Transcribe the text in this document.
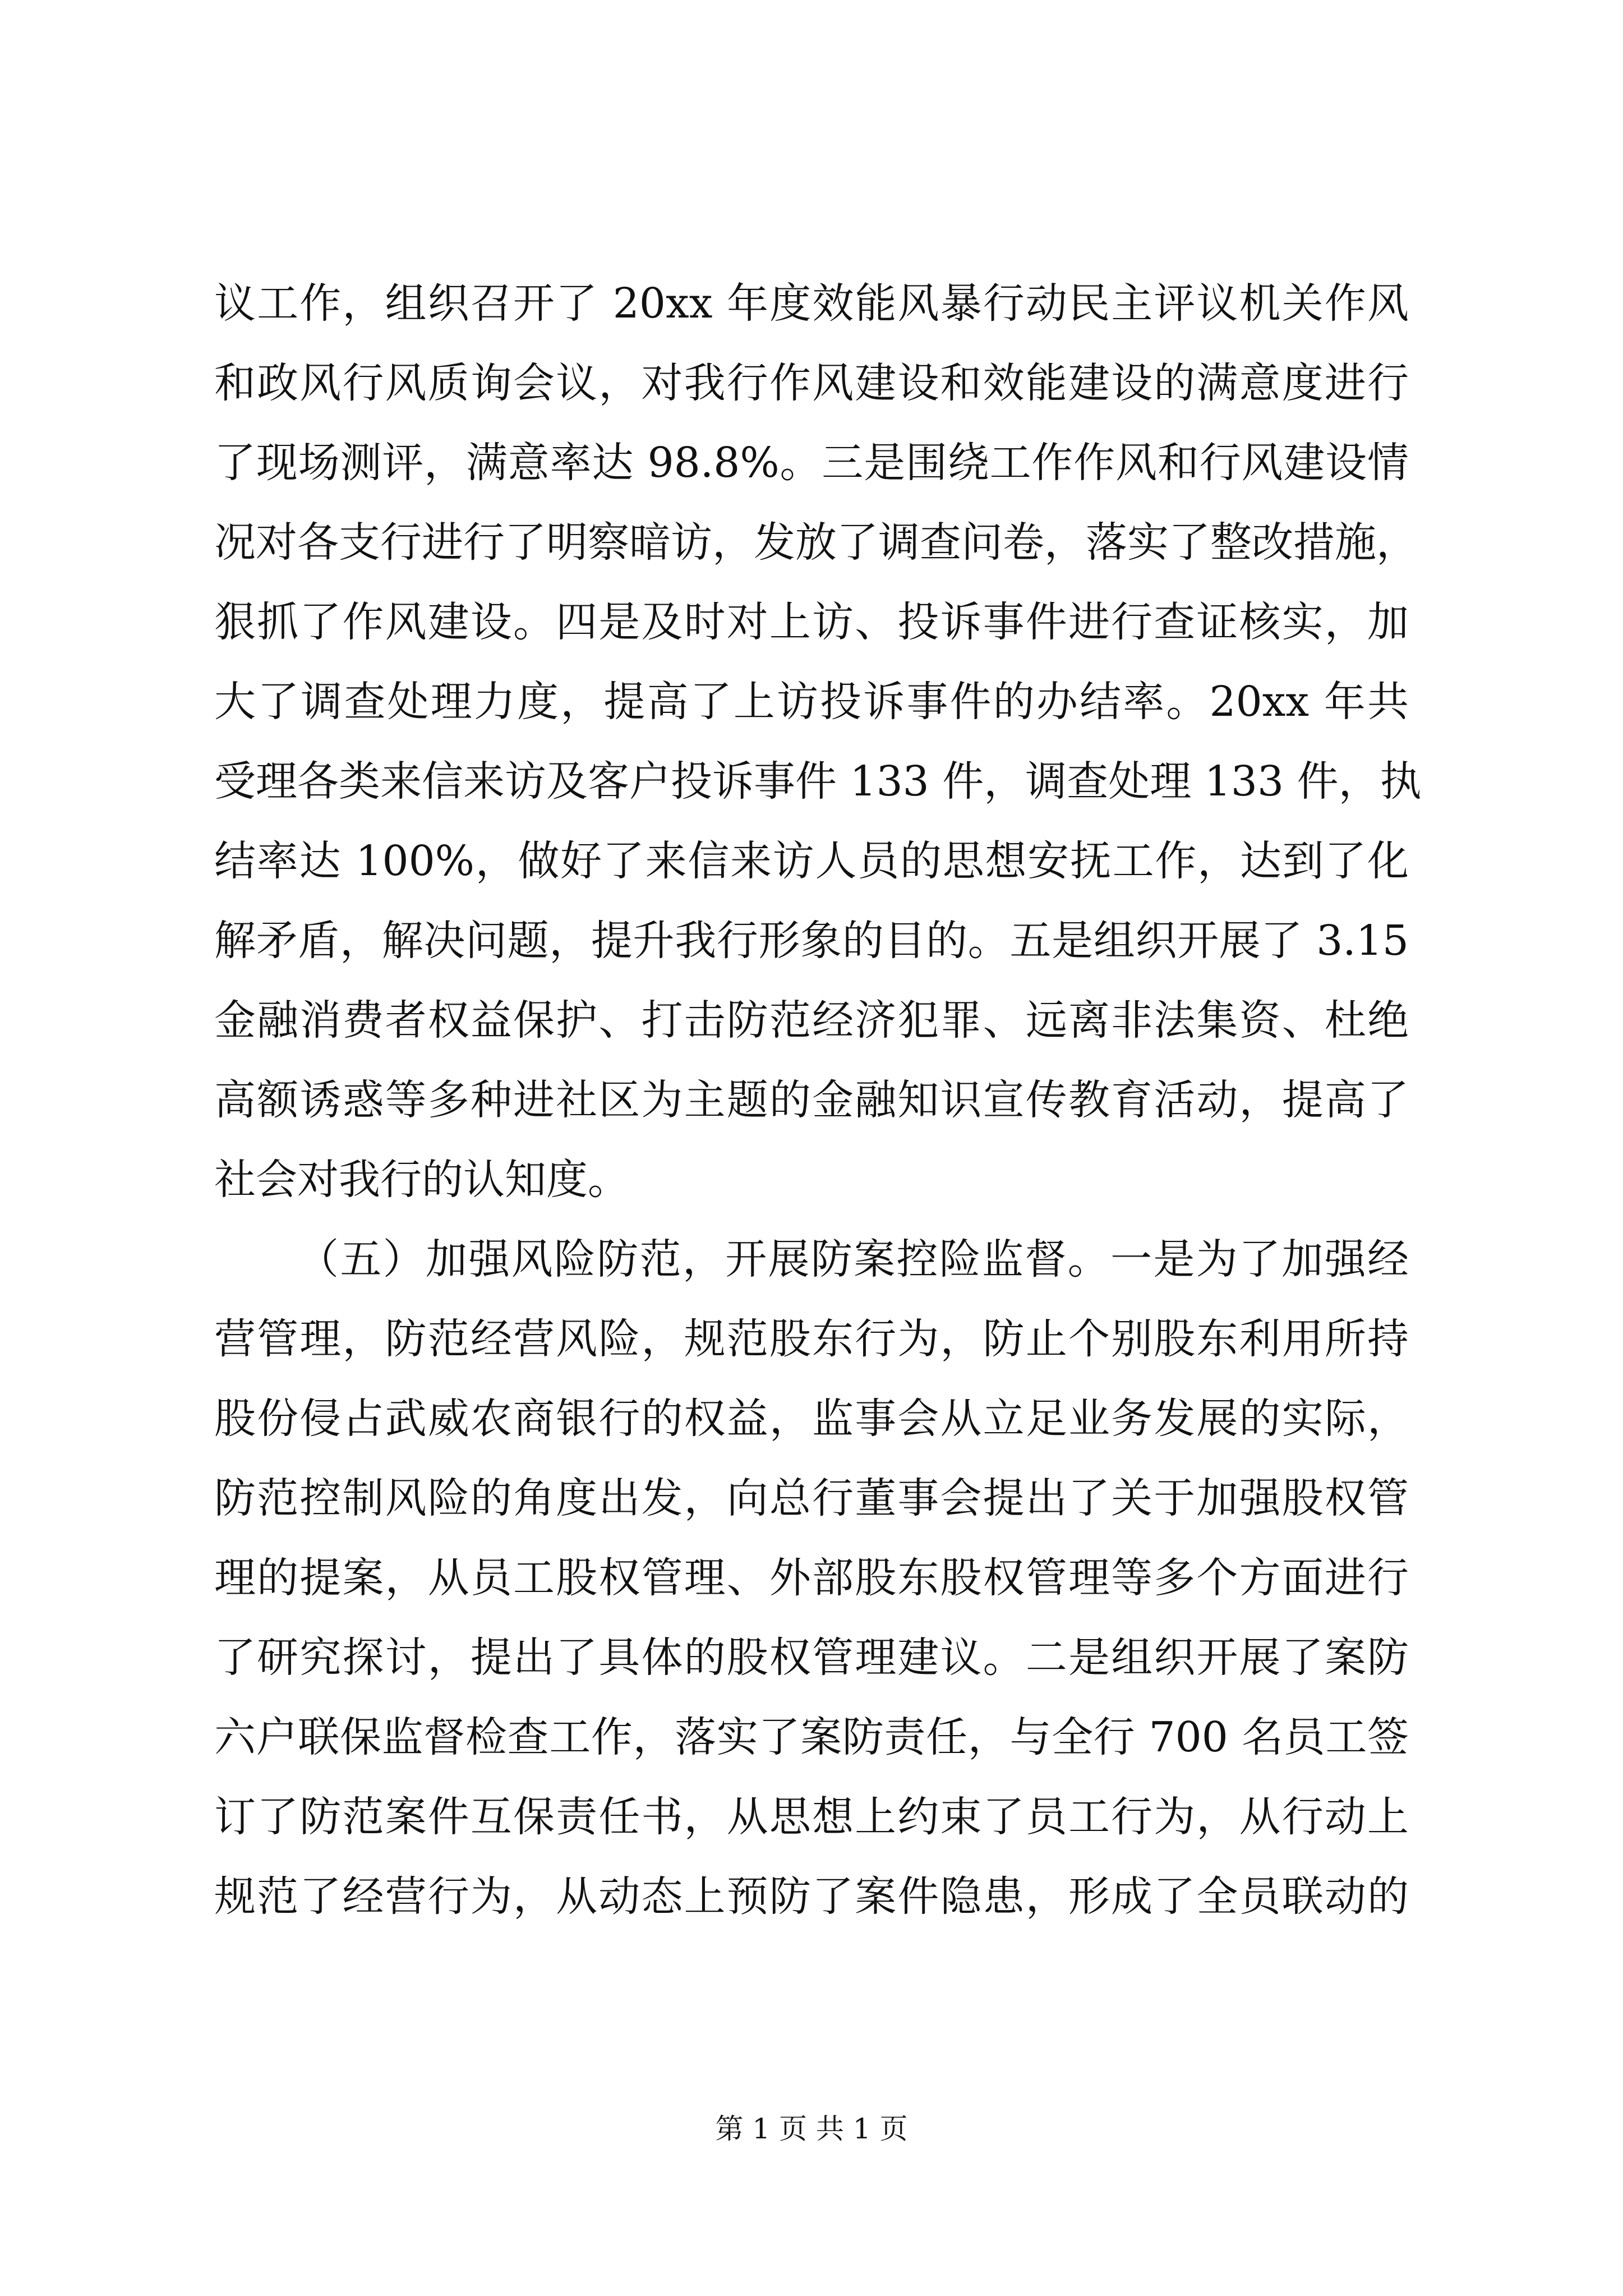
议工作，组织召开了 20xx 年度效能风暴行动民主评议机关作风
和政风行风质询会议，对我行作风建设和效能建设的满意度进行
了现场测评，满意率达 98.8%。三是围绕工作作风和行风建设情
况对各支行进行了明察暗访，发放了调查问卷，落实了整改措施，
狠抓了作风建设。四是及时对上访、投诉事件进行查证核实，加
大了调查处理力度，提高了上访投诉事件的办结率。20xx 年共
受理各类来信来访及客户投诉事件 133 件，调查处理 133 件，执
结率达 100%，做好了来信来访人员的思想安抚工作，达到了化
解矛盾，解决问题，提升我行形象的目的。五是组织开展了 3.15
金融消费者权益保护、打击防范经济犯罪、远离非法集资、杜绝
高额诱惑等多种进社区为主题的金融知识宣传教育活动，提高了
社会对我行的认知度。
（五）加强风险防范，开展防案控险监督。一是为了加强经
营管理，防范经营风险，规范股东行为，防止个别股东利用所持
股份侵占武威农商银行的权益，监事会从立足业务发展的实际，
防范控制风险的角度出发，向总行董事会提出了关于加强股权管
理的提案，从员工股权管理、外部股东股权管理等多个方面进行
了研究探讨，提出了具体的股权管理建议。二是组织开展了案防
六户联保监督检查工作，落实了案防责任，与全行 700 名员工签
订了防范案件互保责任书，从思想上约束了员工行为，从行动上
规范了经营行为，从动态上预防了案件隐患，形成了全员联动的
第 1 页 共 1 页
